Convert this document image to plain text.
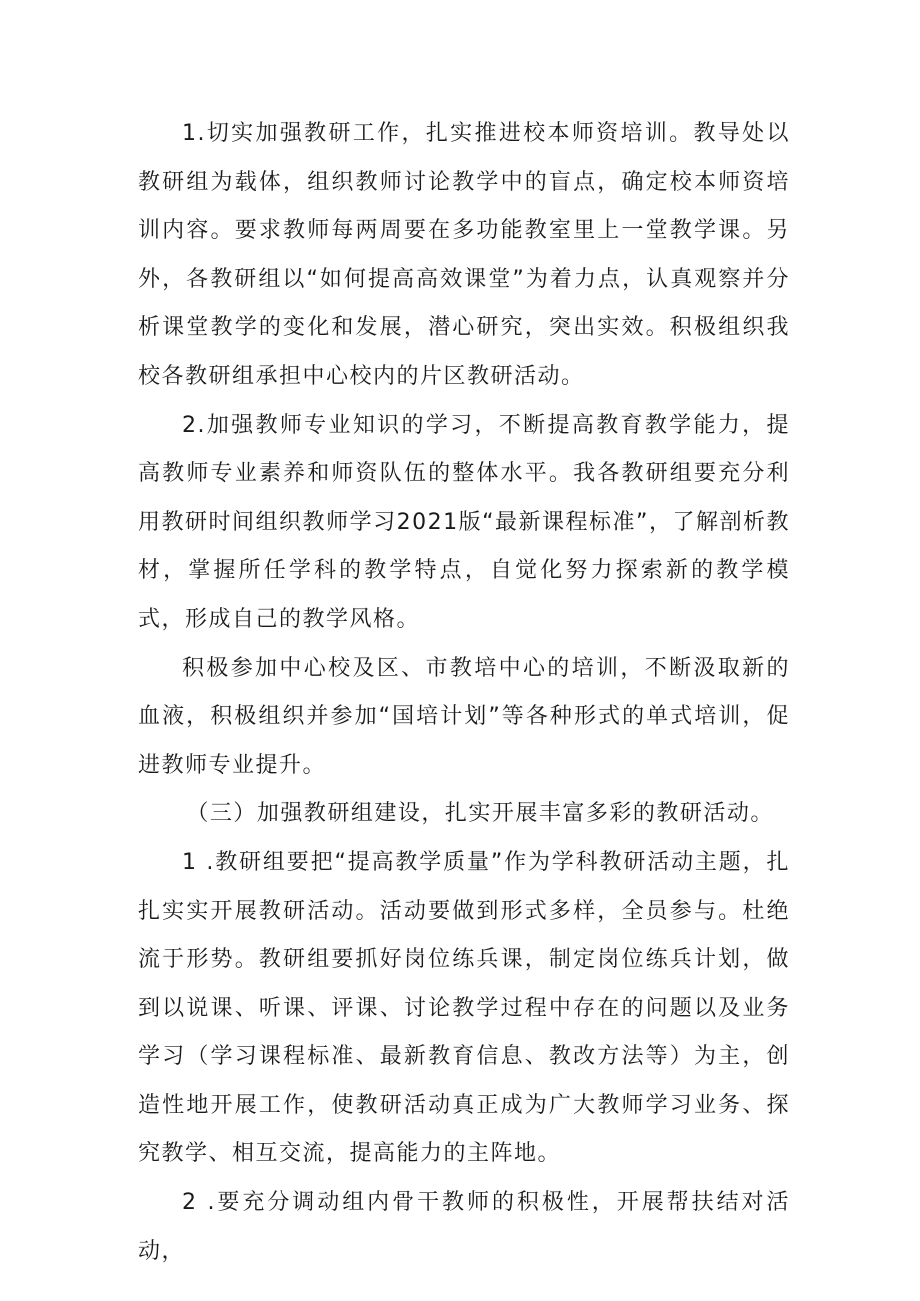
1.切实加强教研工作，扎实推进校本师资培训。教导处以教研组为载体，组织教师讨论教学中的盲点，确定校本师资培训内容。要求教师每两周要在多功能教室里上一堂教学课。另外，各教研组以“如何提高高效课堂”为着力点，认真观察并分析课堂教学的变化和发展，潜心研究，突出实效。积极组织我校各教研组承担中心校内的片区教研活动。

2.加强教师专业知识的学习，不断提高教育教学能力，提高教师专业素养和师资队伍的整体水平。我各教研组要充分利用教研时间组织教师学习2021版“最新课程标准”，了解剖析教材，掌握所任学科的教学特点，自觉化努力探索新的教学模式，形成自己的教学风格。

积极参加中心校及区、市教培中心的培训，不断汲取新的血液，积极组织并参加“国培计划”等各种形式的单式培训，促进教师专业提升。

（三）加强教研组建设，扎实开展丰富多彩的教研活动。

1 .教研组要把“提高教学质量”作为学科教研活动主题，扎扎实实开展教研活动。活动要做到形式多样，全员参与。杜绝流于形势。教研组要抓好岗位练兵课，制定岗位练兵计划，做到以说课、听课、评课、讨论教学过程中存在的问题以及业务学习（学习课程标准、最新教育信息、教改方法等）为主，创造性地开展工作，使教研活动真正成为广大教师学习业务、探究教学、相互交流，提高能力的主阵地。

2 .要充分调动组内骨干教师的积极性，开展帮扶结对活动，
